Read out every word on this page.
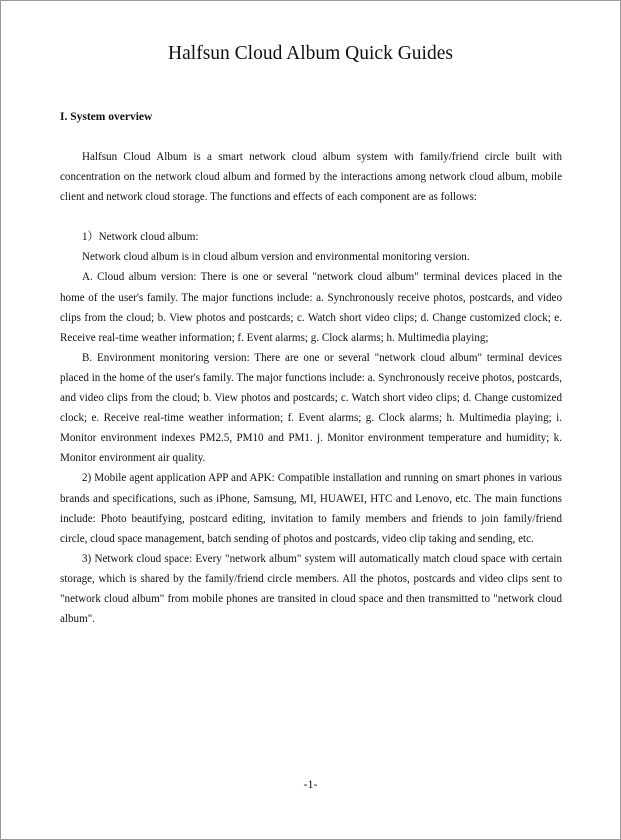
Halfsun Cloud Album Quick Guides
I. System overview

Halfsun Cloud Album is a smart network cloud album system with family/friend circle built with concentration on the network cloud album and formed by the interactions among network cloud album, mobile client and network cloud storage. The functions and effects of each component are as follows:

1）Network cloud album:

Network cloud album is in cloud album version and environmental monitoring version.

A. Cloud album version: There is one or several "network cloud album" terminal devices placed in the home of the user's family. The major functions include: a. Synchronously receive photos, postcards, and video clips from the cloud; b. View photos and postcards; c. Watch short video clips; d. Change customized clock; e. Receive real-time weather information; f. Event alarms; g. Clock alarms; h. Multimedia playing;

B. Environment monitoring version: There are one or several "network cloud album" terminal devices placed in the home of the user's family. The major functions include: a. Synchronously receive photos, postcards, and video clips from the cloud; b. View photos and postcards; c. Watch short video clips; d. Change customized clock; e. Receive real-time weather information; f. Event alarms; g. Clock alarms; h. Multimedia playing; i. Monitor environment indexes PM2.5, PM10 and PM1. j. Monitor environment temperature and humidity; k. Monitor environment air quality.

2) Mobile agent application APP and APK: Compatible installation and running on smart phones in various brands and specifications, such as iPhone, Samsung, MI, HUAWEI, HTC and Lenovo, etc. The main functions include: Photo beautifying, postcard editing, invitation to family members and friends to join family/friend circle, cloud space management, batch sending of photos and postcards, video clip taking and sending, etc.

3) Network cloud space: Every "network album" system will automatically match cloud space with certain storage, which is shared by the family/friend circle members. All the photos, postcards and video clips sent to "network cloud album" from mobile phones are transited in cloud space and then transmitted to "network cloud album".

-1-
